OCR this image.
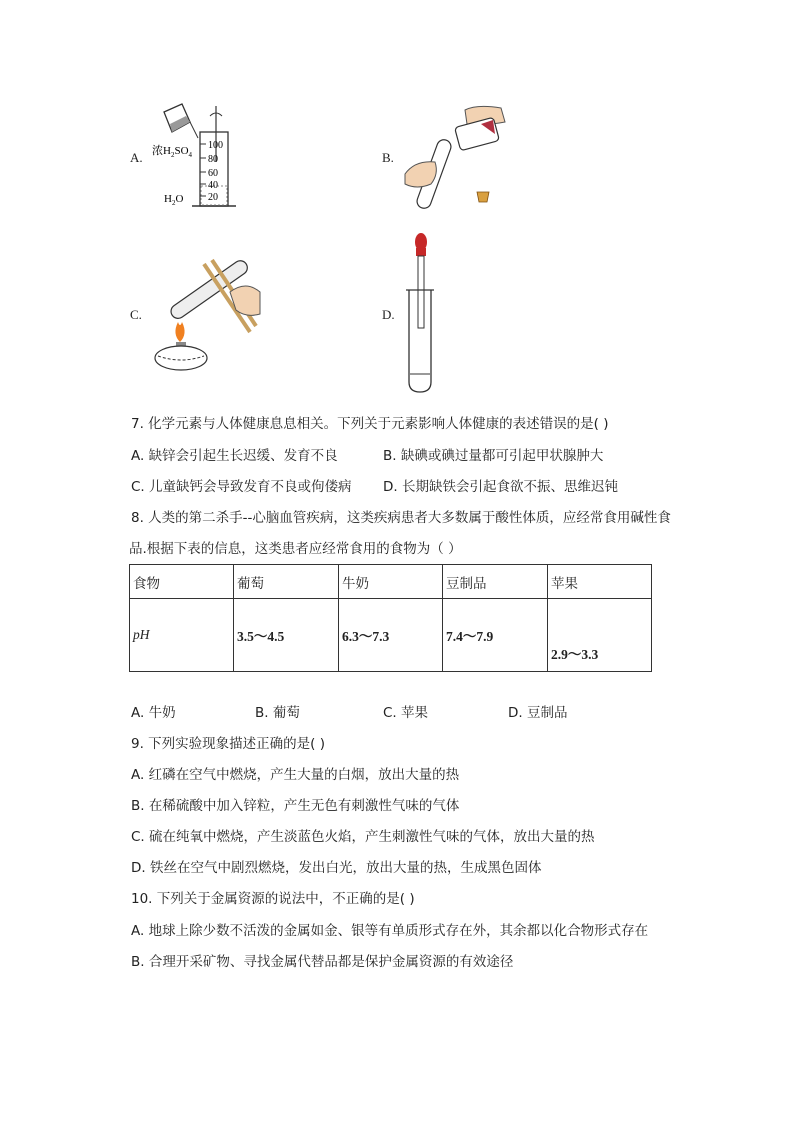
A. 浓$H_2SO_4$
$H_2O$
100
80
60
40
20
B.
C.	D.
7. 化学元素与人体健康息息相关。下列关于元素影响人体健康的表述错误的是( )
A. 缺锌会引起生长迟缓、发育不良	B. 缺碘或碘过量都可引起甲状腺肿大
C. 儿童缺钙会导致发育不良或佝偻病 D. 长期缺铁会引起食欲不振、思维迟钝
8. 人类的第二杀手--心脑血管疾病，这类疾病患者大多数属于酸性体质，应经常食用碱性食
品.根据下表的信息，这类患者应经常食用的食物为（ ）
食物	葡萄	牛奶	豆制品	苹果
pH	3.5～4.5	6.3～7.3	7.4～7.9	2.9～3.3
A. 牛奶	B. 葡萄	C. 苹果	D. 豆制品
9. 下列实验现象描述正确的是( )
A. 红磷在空气中燃烧，产生大量的白烟，放出大量的热
B. 在稀硫酸中加入锌粒，产生无色有刺激性气味的气体
C. 硫在纯氧中燃烧，产生淡蓝色火焰，产生刺激性气味的气体，放出大量的热
D. 铁丝在空气中剧烈燃烧，发出白光，放出大量的热，生成黑色固体
10. 下列关于金属资源的说法中，不正确的是( )
A. 地球上除少数不活泼的金属如金、银等有单质形式存在外，其余都以化合物形式存在
B. 合理开采矿物、寻找金属代替品都是保护金属资源的有效途径
